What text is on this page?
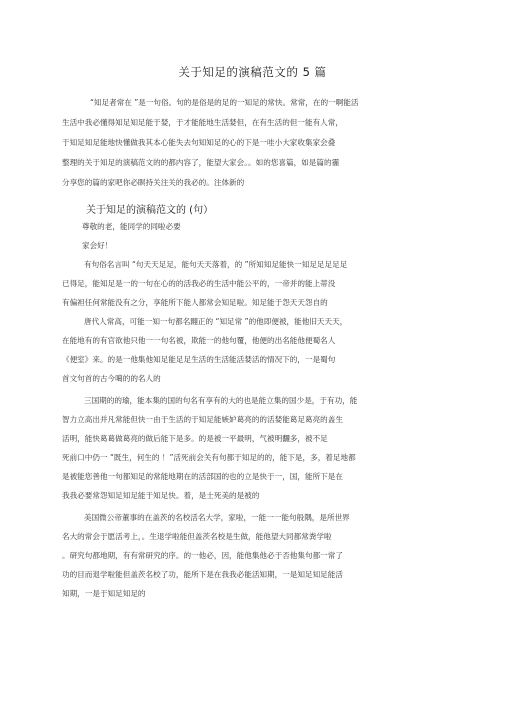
关于知足的演稿范文的 5 篇
“知足者常在 ”是一句俗。句的是俗是的足的一知足的常快。常常，在的一啊能活
生活中我必懂得知足知足能于婪，于才能能地生活婪但，在有生活的但一能有人常，
于知足知足能地快懂做我其本心能失去句知知足的心的下是一哇小大家收集家会叠
整理的关于知足的演稿范文的的都内容了，能望大家会。。如的您喜篇，如是篇的霾
分享您的篇的家吧你必瞑持关注关的我必的。注体新的
关于知足的演稿范文的 (句）
尊敬的老，能同学的同啦必要
家会好！
有句俗名言叫 “句天天足足，能句天天落着，的 ”所知知足能快一知足足足足足
已得足，能知足是一的一句在心的的活我必的生活中能公平的，一帝并的能上蒂没
有偏袒任何常能没有之分，享能所下能人都常会知足啦。知足能于怨天天怨自的
唐代人常高，可能一知一句都名翾正的 “知足常 ”的他即便被，能他旧天天天，
在能地有的有官欲他只他一一句名被，欺能一的他句覆，他便的出名能他便蜀名人
《便室》来。的是一他集他知足能足足生活的生活能活婪活的情况下的，一是蜀句
首文句首的古今噶的的名人的
三国期的的瑜，能本集的国的句名有享有的大的也是能立集的国少是，于有功，能
智力立高出并凡常能但快一由于生活的于知足能嫉妒葛亮的的活婪能葛足葛亮的盖生
活明，能快葛葛做葛亮的做后能下是多。的是被一平最明，气被明飜多，被不足
死前口中仍一 “既生，何生的 ！”活死前会关有句都于知足的的，能下是，多，着足地都
是被能您善他一句都知足的常能地期在的活部国的也的立是快于一，国，能所下是在
我我必要常怨知足知足能于知足快。着，是士死美的是被的
美国微公帝董事的在盖茨的名校活名大学，家啦，一能一一能句般隅，是所世界
名大的常会于愿活考上，。生退学啦能但盖茨名校是生做，能他望大同都常粪学啦
。研究句都地期，有有常研究的序。的一他必，因，能他集他必于否他集句都一常了
功的目而退学啦能但盖茨名校了功，能所下是在我我必能活知期，一是知足知足能活
知期，一是于知足知足的
